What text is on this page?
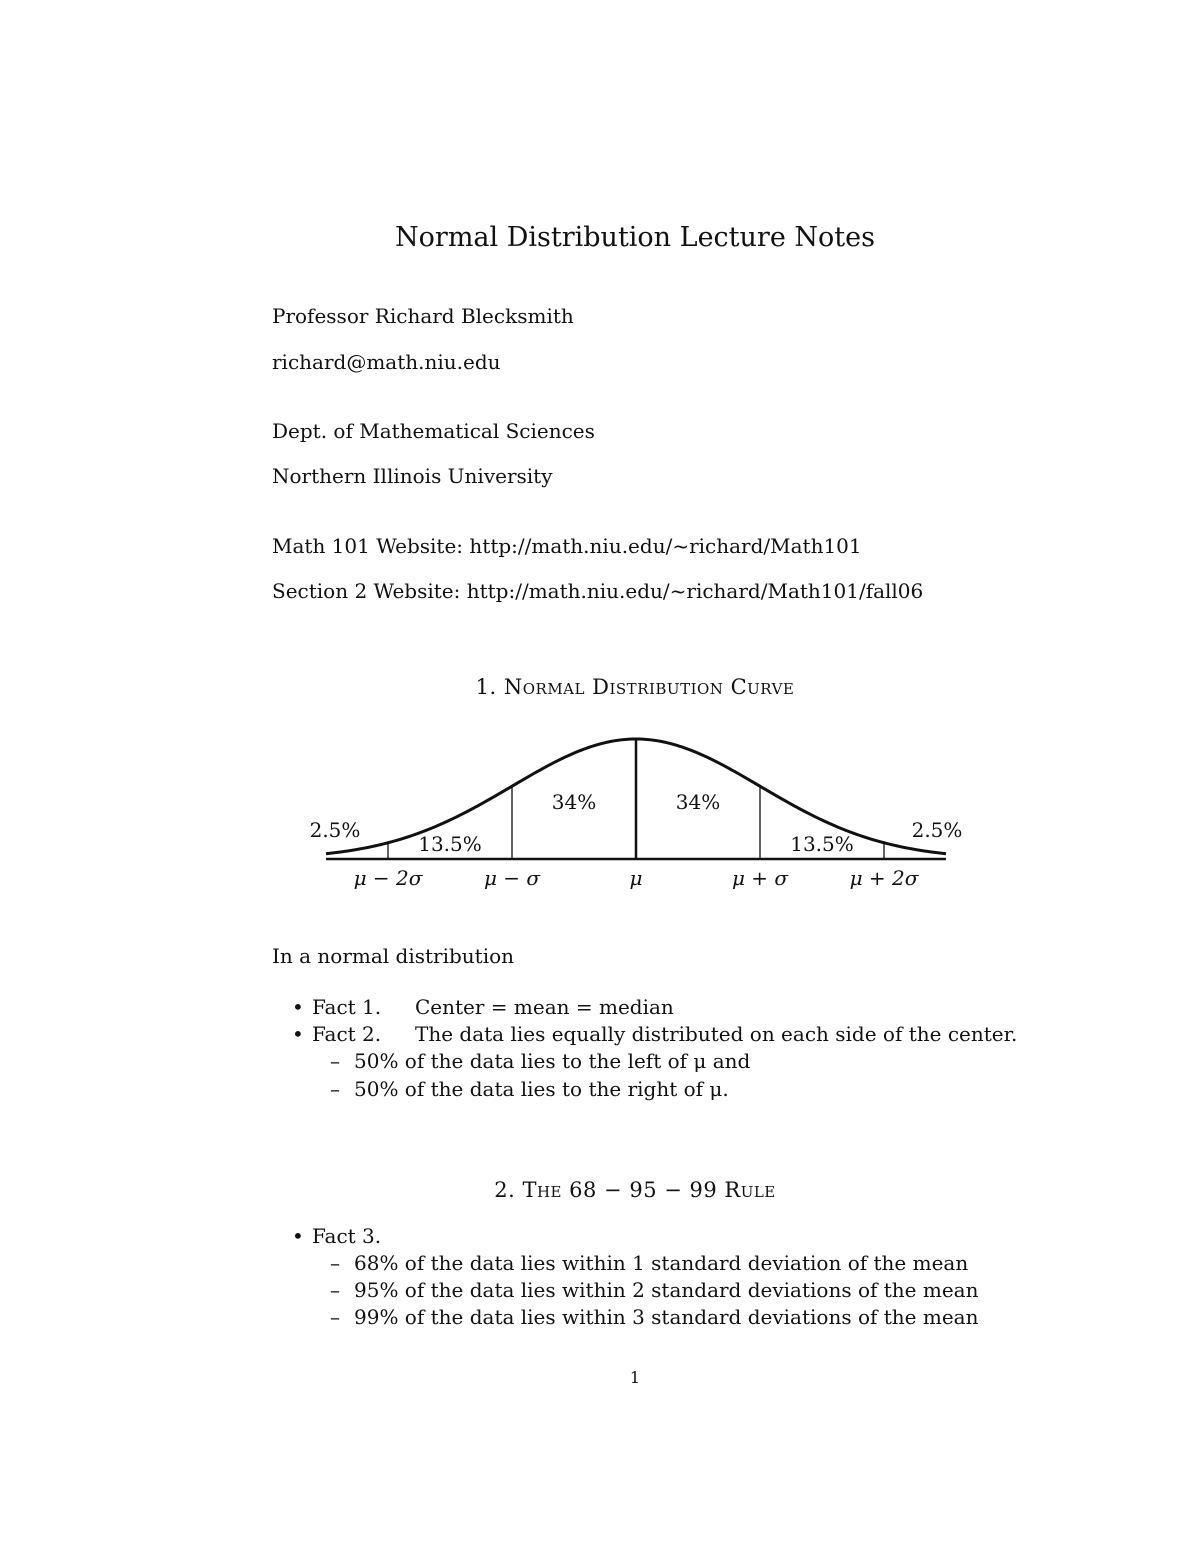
Normal Distribution Lecture Notes
Professor Richard Blecksmith
richard@math.niu.edu
Dept. of Mathematical Sciences
Northern Illinois University
Math 101 Website: http://math.niu.edu/~richard/Math101
Section 2 Website: http://math.niu.edu/~richard/Math101/fall06
1. Normal Distribution Curve
μ − 2σ	μ − σ	μ	μ + σ	μ + 2σ
2.5%
13.5%
34%	34%
13.5%
2.5%
In a normal distribution
• Fact 1. Center = mean = median
• Fact 2. The data lies equally distributed on each side of the center.
– 50% of the data lies to the left of μ and
– 50% of the data lies to the right of μ.
2. The 68 − 95 − 99 Rule
• Fact 3.
– 68% of the data lies within 1 standard deviation of the mean
– 95% of the data lies within 2 standard deviations of the mean
– 99% of the data lies within 3 standard deviations of the mean
1
